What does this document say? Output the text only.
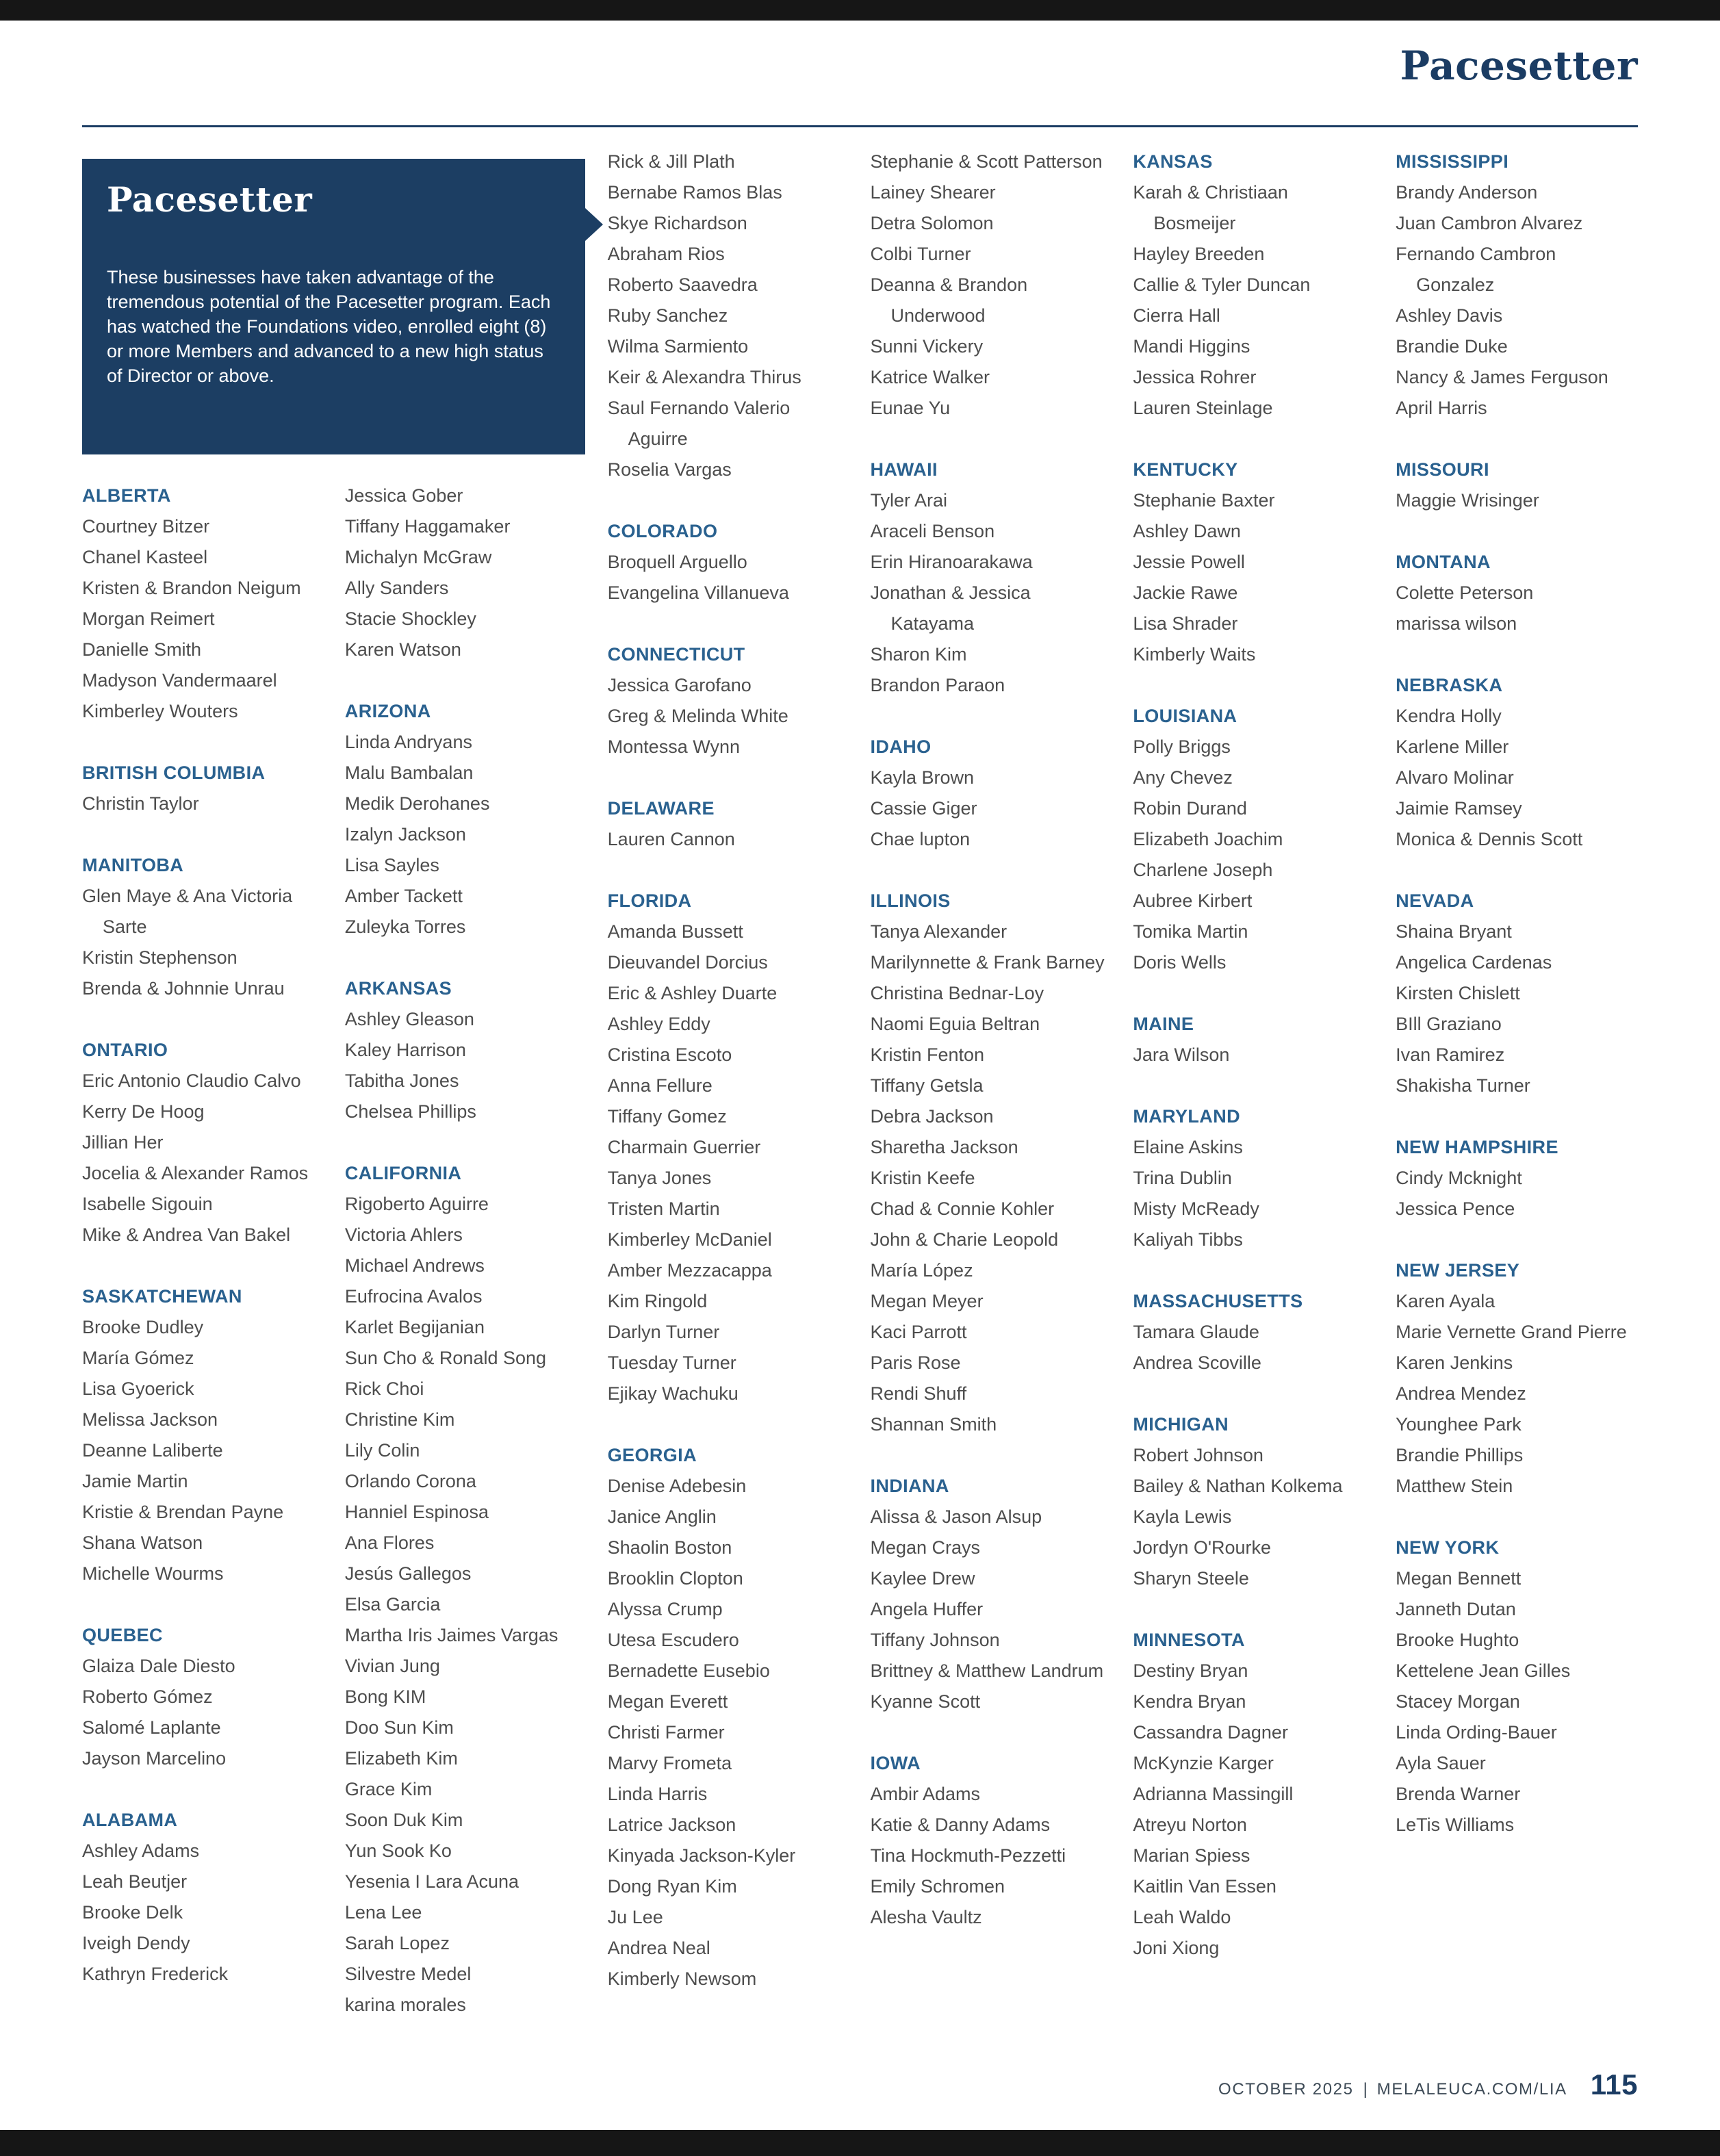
Pacesetter
Pacesetter
These businesses have taken advantage of the tremendous potential of the Pacesetter program. Each has watched the Foundations video, enrolled eight (8) or more Members and advanced to a new high status of Director or above.
ALBERTA
Courtney Bitzer
Chanel Kasteel
Kristen & Brandon Neigum
Morgan Reimert
Danielle Smith
Madyson Vandermaarel
Kimberley Wouters
BRITISH COLUMBIA
Christin Taylor
MANITOBA
Glen Maye & Ana Victoria Sarte
Kristin Stephenson
Brenda & Johnnie Unrau
ONTARIO
Eric Antonio Claudio Calvo
Kerry De Hoog
Jillian Her
Jocelia & Alexander Ramos
Isabelle Sigouin
Mike & Andrea Van Bakel
SASKATCHEWAN
Brooke Dudley
María Gómez
Lisa Gyoerick
Melissa Jackson
Deanne Laliberte
Jamie Martin
Kristie & Brendan Payne
Shana Watson
Michelle Wourms
QUEBEC
Glaiza Dale Diesto
Roberto Gómez
Salomé Laplante
Jayson Marcelino
ALABAMA
Ashley Adams
Leah Beutjer
Brooke Delk
Iveigh Dendy
Kathryn Frederick
Jessica Gober
Tiffany Haggamaker
Michalyn McGraw
Ally Sanders
Stacie Shockley
Karen Watson
ARIZONA
Linda Andryans
Malu Bambalan
Medik Derohanes
Izalyn Jackson
Lisa Sayles
Amber Tackett
Zuleyka Torres
ARKANSAS
Ashley Gleason
Kaley Harrison
Tabitha Jones
Chelsea Phillips
CALIFORNIA
Rigoberto Aguirre
Victoria Ahlers
Michael Andrews
Eufrocina Avalos
Karlet Begijanian
Sun Cho & Ronald Song
Rick Choi
Christine Kim
Lily Colin
Orlando Corona
Hanniel Espinosa
Ana Flores
Jesús Gallegos
Elsa Garcia
Martha Iris Jaimes Vargas
Vivian Jung
Bong KIM
Doo Sun Kim
Elizabeth Kim
Grace Kim
Soon Duk Kim
Yun Sook Ko
Yesenia I Lara Acuna
Lena Lee
Sarah Lopez
Silvestre Medel
karina morales
Rick & Jill Plath
Bernabe Ramos Blas
Skye Richardson
Abraham Rios
Roberto Saavedra
Ruby Sanchez
Wilma Sarmiento
Keir & Alexandra Thirus
Saul Fernando Valerio Aguirre
Roselia Vargas
COLORADO
Broquell Arguello
Evangelina Villanueva
CONNECTICUT
Jessica Garofano
Greg & Melinda White
Montessa Wynn
DELAWARE
Lauren Cannon
FLORIDA
Amanda Bussett
Dieuvandel Dorcius
Eric & Ashley Duarte
Ashley Eddy
Cristina Escoto
Anna Fellure
Tiffany Gomez
Charmain Guerrier
Tanya Jones
Tristen Martin
Kimberley McDaniel
Amber Mezzacappa
Kim Ringold
Darlyn Turner
Tuesday Turner
Ejikay Wachuku
GEORGIA
Denise Adebesin
Janice Anglin
Shaolin Boston
Brooklin Clopton
Alyssa Crump
Utesa Escudero
Bernadette Eusebio
Megan Everett
Christi Farmer
Marvy Frometa
Linda Harris
Latrice Jackson
Kinyada Jackson-Kyler
Dong Ryan Kim
Ju Lee
Andrea Neal
Kimberly Newsom
Stephanie & Scott Patterson
Lainey Shearer
Detra Solomon
Colbi Turner
Deanna & Brandon Underwood
Sunni Vickery
Katrice Walker
Eunae Yu
HAWAII
Tyler Arai
Araceli Benson
Erin Hiranoarakawa
Jonathan & Jessica Katayama
Sharon Kim
Brandon Paraon
IDAHO
Kayla Brown
Cassie Giger
Chae lupton
ILLINOIS
Tanya Alexander
Marilynnette & Frank Barney
Christina Bednar-Loy
Naomi Eguia Beltran
Kristin Fenton
Tiffany Getsla
Debra Jackson
Sharetha Jackson
Kristin Keefe
Chad & Connie Kohler
John & Charie Leopold
María López
Megan Meyer
Kaci Parrott
Paris Rose
Rendi Shuff
Shannan Smith
INDIANA
Alissa & Jason Alsup
Megan Crays
Kaylee Drew
Angela Huffer
Tiffany Johnson
Brittney & Matthew Landrum
Kyanne Scott
IOWA
Ambir Adams
Katie & Danny Adams
Tina Hockmuth-Pezzetti
Emily Schromen
Alesha Vaultz
KANSAS
Karah & Christiaan Bosmeijer
Hayley Breeden
Callie & Tyler Duncan
Cierra Hall
Mandi Higgins
Jessica Rohrer
Lauren Steinlage
KENTUCKY
Stephanie Baxter
Ashley Dawn
Jessie Powell
Jackie Rawe
Lisa Shrader
Kimberly Waits
LOUISIANA
Polly Briggs
Any Chevez
Robin Durand
Elizabeth Joachim
Charlene Joseph
Aubree Kirbert
Tomika Martin
Doris Wells
MAINE
Jara Wilson
MARYLAND
Elaine Askins
Trina Dublin
Misty McReady
Kaliyah Tibbs
MASSACHUSETTS
Tamara Glaude
Andrea Scoville
MICHIGAN
Robert Johnson
Bailey & Nathan Kolkema
Kayla Lewis
Jordyn O'Rourke
Sharyn Steele
MINNESOTA
Destiny Bryan
Kendra Bryan
Cassandra Dagner
McKynzie Karger
Adrianna Massingill
Atreyu Norton
Marian Spiess
Kaitlin Van Essen
Leah Waldo
Joni Xiong
MISSISSIPPI
Brandy Anderson
Juan Cambron Alvarez
Fernando Cambron Gonzalez
Ashley Davis
Brandie Duke
Nancy & James Ferguson
April Harris
MISSOURI
Maggie Wrisinger
MONTANA
Colette Peterson
marissa wilson
NEBRASKA
Kendra Holly
Karlene Miller
Alvaro Molinar
Jaimie Ramsey
Monica & Dennis Scott
NEVADA
Shaina Bryant
Angelica Cardenas
Kirsten Chislett
BIll Graziano
Ivan Ramirez
Shakisha Turner
NEW HAMPSHIRE
Cindy Mcknight
Jessica Pence
NEW JERSEY
Karen Ayala
Marie Vernette Grand Pierre
Karen Jenkins
Andrea Mendez
Younghee Park
Brandie Phillips
Matthew Stein
NEW YORK
Megan Bennett
Janneth Dutan
Brooke Hughto
Kettelene Jean Gilles
Stacey Morgan
Linda Ording-Bauer
Ayla Sauer
Brenda Warner
LeTis Williams
OCTOBER 2025 | MELALEUCA.COM/LIA 115
